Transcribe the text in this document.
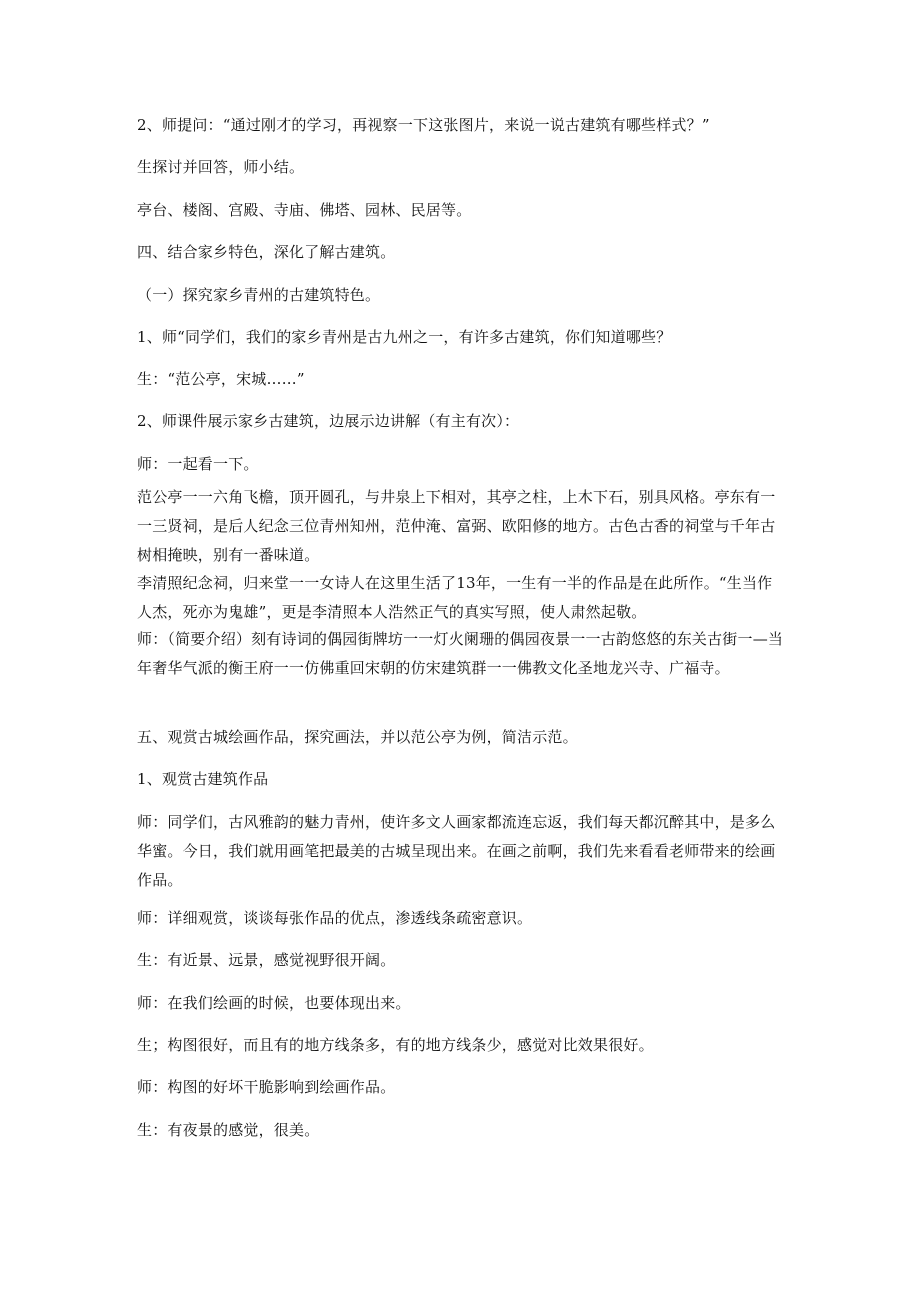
2、师提问：“通过刚才的学习，再视察一下这张图片，来说一说古建筑有哪些样式？”

生探讨并回答，师小结。

亭台、楼阁、宫殿、寺庙、佛塔、园林、民居等。

四、结合家乡特色，深化了解古建筑。

（一）探究家乡青州的古建筑特色。

1、师“同学们，我们的家乡青州是古九州之一，有许多古建筑，你们知道哪些？

生：“范公亭，宋城……”

2、师课件展示家乡古建筑，边展示边讲解（有主有次）：

师：一起看一下。

范公亭一一六角飞檐，顶开圆孔，与井泉上下相对，其亭之柱，上木下石，别具风格。亭东有一一三贤祠，是后人纪念三位青州知州，范仲淹、富弼、欧阳修的地方。古色古香的祠堂与千年古树相掩映，别有一番味道。

李清照纪念祠，归来堂一一女诗人在这里生活了13年，一生有一半的作品是在此所作。“生当作人杰，死亦为鬼雄”，更是李清照本人浩然正气的真实写照，使人肃然起敬。

师：（简要介绍）刻有诗词的偶园街牌坊一一灯火阑珊的偶园夜景一一古韵悠悠的东关古街一—当年奢华气派的衡王府一一仿佛重回宋朝的仿宋建筑群一一佛教文化圣地龙兴寺、广福寺。

五、观赏古城绘画作品，探究画法，并以范公亭为例，简洁示范。

1、观赏古建筑作品

师：同学们，古风雅韵的魅力青州，使许多文人画家都流连忘返，我们每天都沉醉其中，是多么华蜜。今日，我们就用画笔把最美的古城呈现出来。在画之前啊，我们先来看看老师带来的绘画作品。

师：详细观赏，谈谈每张作品的优点，渗透线条疏密意识。

生：有近景、远景，感觉视野很开阔。

师：在我们绘画的时候，也要体现出来。

生；构图很好，而且有的地方线条多，有的地方线条少，感觉对比效果很好。

师：构图的好坏干脆影响到绘画作品。

生：有夜景的感觉，很美。
